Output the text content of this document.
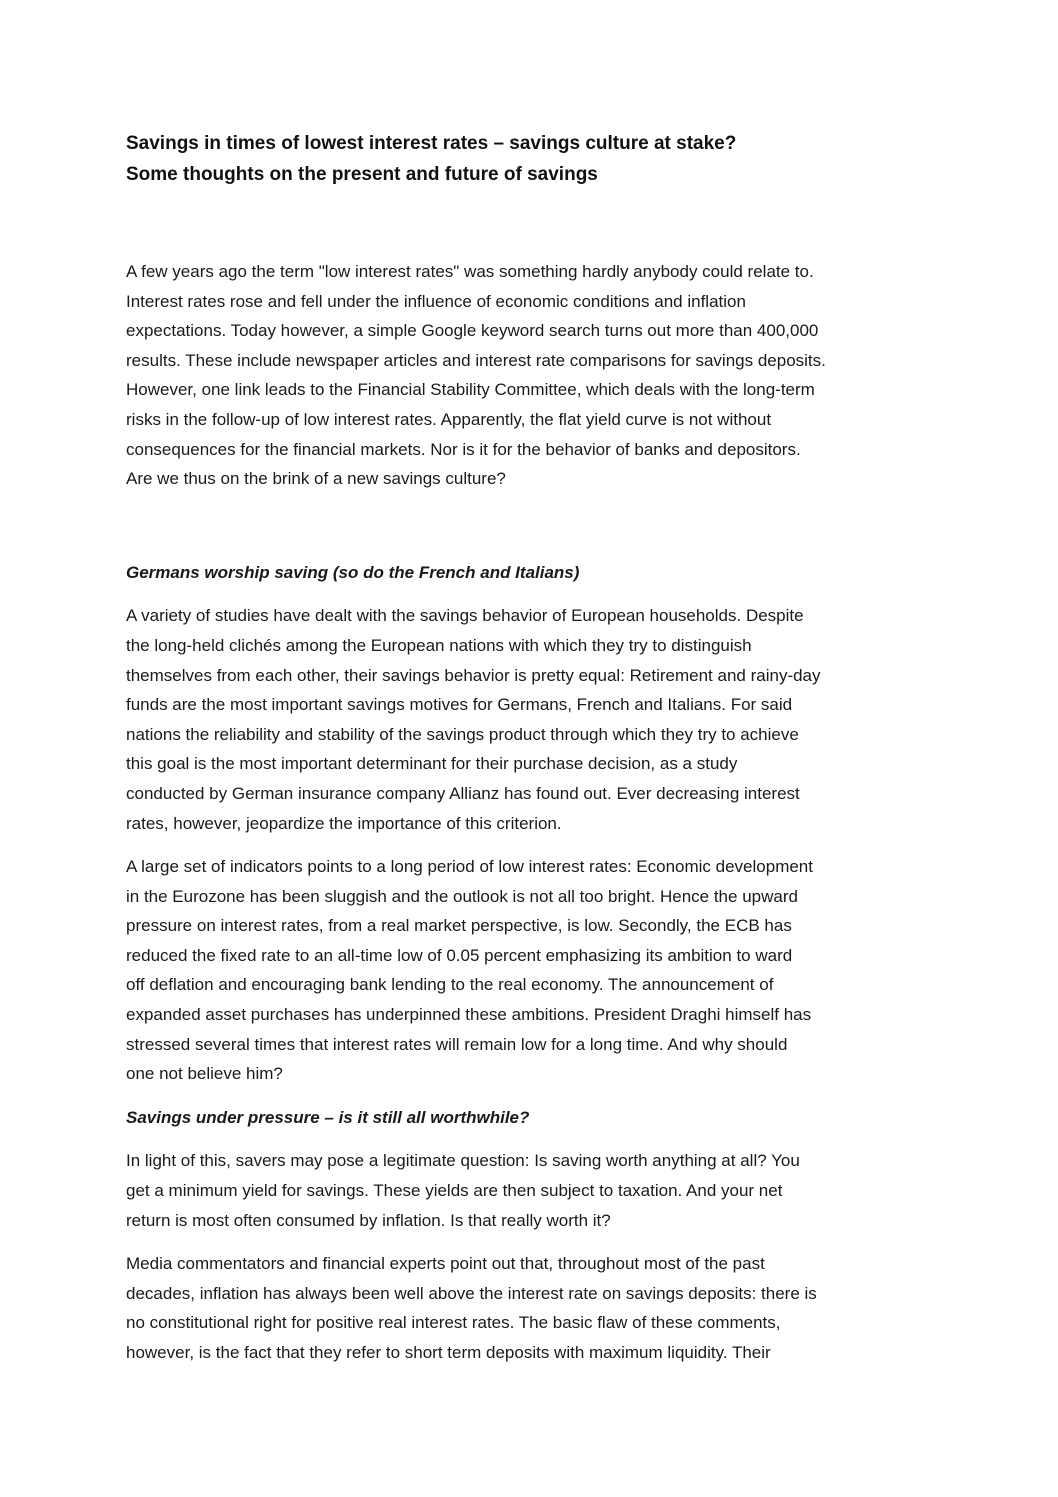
Savings in times of lowest interest rates – savings culture at stake?
Some thoughts on the present and future of savings
A few years ago the term "low interest rates" was something hardly anybody could relate to.
Interest rates rose and fell under the influence of economic conditions and inflation
expectations. Today however, a simple Google keyword search turns out more than 400,000
results. These include newspaper articles and interest rate comparisons for savings deposits.
However, one link leads to the Financial Stability Committee, which deals with the long-term
risks in the follow-up of low interest rates. Apparently, the flat yield curve is not without
consequences for the financial markets. Nor is it for the behavior of banks and depositors.
Are we thus on the brink of a new savings culture?
Germans worship saving (so do the French and Italians)
A variety of studies have dealt with the savings behavior of European households. Despite
the long-held clichés among the European nations with which they try to distinguish
themselves from each other, their savings behavior is pretty equal: Retirement and rainy-day
funds are the most important savings motives for Germans, French and Italians. For said
nations the reliability and stability of the savings product through which they try to achieve
this goal is the most important determinant for their purchase decision, as a study
conducted by German insurance company Allianz has found out. Ever decreasing interest
rates, however, jeopardize the importance of this criterion.
A large set of indicators points to a long period of low interest rates: Economic development
in the Eurozone has been sluggish and the outlook is not all too bright. Hence the upward
pressure on interest rates, from a real market perspective, is low. Secondly, the ECB has
reduced the fixed rate to an all-time low of 0.05 percent emphasizing its ambition to ward
off deflation and encouraging bank lending to the real economy. The announcement of
expanded asset purchases has underpinned these ambitions. President Draghi himself has
stressed several times that interest rates will remain low for a long time. And why should
one not believe him?
Savings under pressure – is it still all worthwhile?
In light of this, savers may pose a legitimate question: Is saving worth anything at all? You
get a minimum yield for savings. These yields are then subject to taxation. And your net
return is most often consumed by inflation. Is that really worth it?
Media commentators and financial experts point out that, throughout most of the past
decades, inflation has always been well above the interest rate on savings deposits: there is
no constitutional right for positive real interest rates. The basic flaw of these comments,
however, is the fact that they refer to short term deposits with maximum liquidity. Their
